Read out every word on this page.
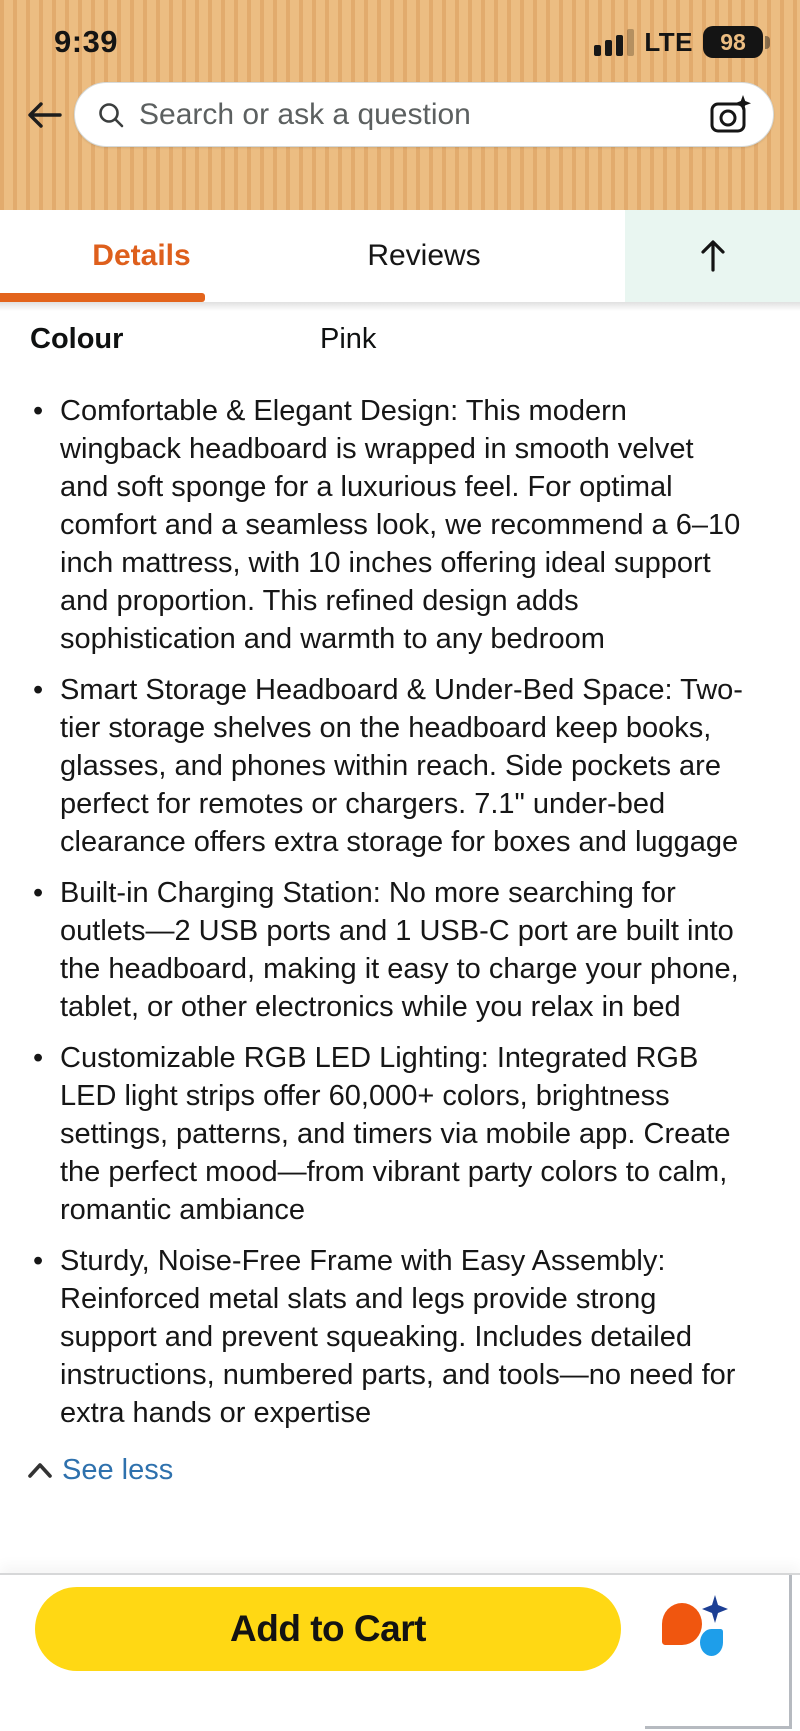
9:39	LTE	98
Search or ask a question
Details	Reviews
Colour	Pink
• Comfortable & Elegant Design: This modern wingback headboard is wrapped in smooth velvet and soft sponge for a luxurious feel. For optimal comfort and a seamless look, we recommend a 6–10 inch mattress, with 10 inches offering ideal support and proportion. This refined design adds sophistication and warmth to any bedroom
• Smart Storage Headboard & Under-Bed Space: Two-tier storage shelves on the headboard keep books, glasses, and phones within reach. Side pockets are perfect for remotes or chargers. 7.1" under-bed clearance offers extra storage for boxes and luggage
• Built-in Charging Station: No more searching for outlets—2 USB ports and 1 USB-C port are built into the headboard, making it easy to charge your phone, tablet, or other electronics while you relax in bed
• Customizable RGB LED Lighting: Integrated RGB LED light strips offer 60,000+ colors, brightness settings, patterns, and timers via mobile app. Create the perfect mood—from vibrant party colors to calm, romantic ambiance
• Sturdy, Noise-Free Frame with Easy Assembly: Reinforced metal slats and legs provide strong support and prevent squeaking. Includes detailed instructions, numbered parts, and tools—no need for extra hands or expertise
See less
Add to Cart
